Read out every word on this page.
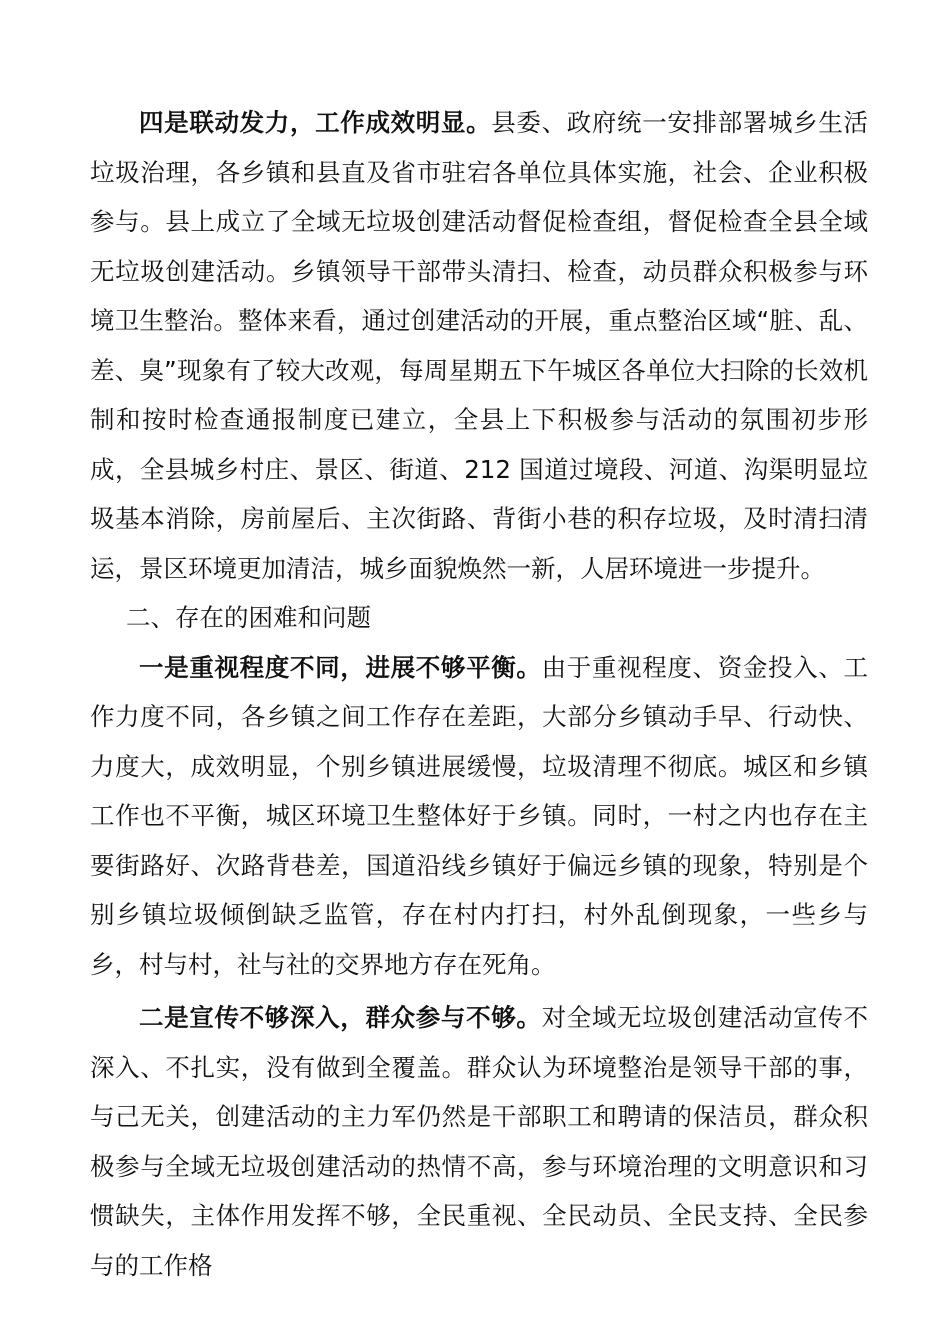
四是联动发力，工作成效明显。县委、政府统一安排部署城乡生活垃圾治理，各乡镇和县直及省市驻宕各单位具体实施，社会、企业积极参与。县上成立了全域无垃圾创建活动督促检查组，督促检查全县全域无垃圾创建活动。乡镇领导干部带头清扫、检查，动员群众积极参与环境卫生整治。整体来看，通过创建活动的开展，重点整治区域“脏、乱、差、臭”现象有了较大改观，每周星期五下午城区各单位大扫除的长效机制和按时检查通报制度已建立，全县上下积极参与活动的氛围初步形成，全县城乡村庄、景区、街道、212 国道过境段、河道、沟渠明显垃圾基本消除，房前屋后、主次街路、背街小巷的积存垃圾，及时清扫清运，景区环境更加清洁，城乡面貌焕然一新，人居环境进一步提升。

二、存在的困难和问题

一是重视程度不同，进展不够平衡。由于重视程度、资金投入、工作力度不同，各乡镇之间工作存在差距，大部分乡镇动手早、行动快、力度大，成效明显，个别乡镇进展缓慢，垃圾清理不彻底。城区和乡镇工作也不平衡，城区环境卫生整体好于乡镇。同时，一村之内也存在主要街路好、次路背巷差，国道沿线乡镇好于偏远乡镇的现象，特别是个别乡镇垃圾倾倒缺乏监管，存在村内打扫，村外乱倒现象，一些乡与乡，村与村，社与社的交界地方存在死角。

二是宣传不够深入，群众参与不够。对全域无垃圾创建活动宣传不深入、不扎实，没有做到全覆盖。群众认为环境整治是领导干部的事，与己无关，创建活动的主力军仍然是干部职工和聘请的保洁员，群众积极参与全域无垃圾创建活动的热情不高，参与环境治理的文明意识和习惯缺失，主体作用发挥不够，全民重视、全民动员、全民支持、全民参与的工作格
